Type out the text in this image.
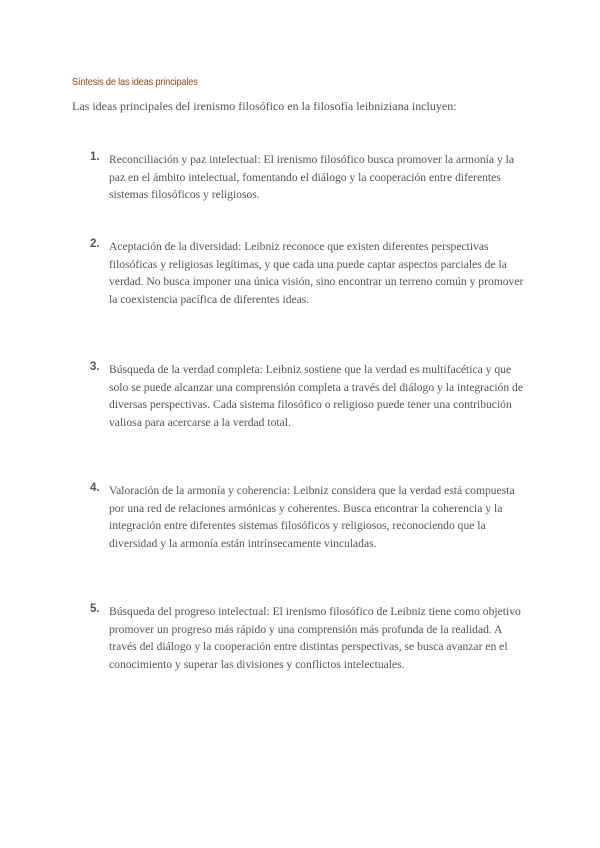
Síntesis de las ideas principales
Las ideas principales del irenismo filosófico en la filosofía leibniziana incluyen:
1. Reconciliación y paz intelectual: El irenismo filosófico busca promover la armonía y la paz en el ámbito intelectual, fomentando el diálogo y la cooperación entre diferentes sistemas filosóficos y religiosos.
2. Aceptación de la diversidad: Leibniz reconoce que existen diferentes perspectivas filosóficas y religiosas legítimas, y que cada una puede captar aspectos parciales de la verdad. No busca imponer una única visión, sino encontrar un terreno común y promover la coexistencia pacífica de diferentes ideas.
3. Búsqueda de la verdad completa: Leibniz sostiene que la verdad es multifacética y que solo se puede alcanzar una comprensión completa a través del diálogo y la integración de diversas perspectivas. Cada sistema filosófico o religioso puede tener una contribución valiosa para acercarse a la verdad total.
4. Valoración de la armonía y coherencia: Leibniz considera que la verdad está compuesta por una red de relaciones armónicas y coherentes. Busca encontrar la coherencia y la integración entre diferentes sistemas filosóficos y religiosos, reconociendo que la diversidad y la armonía están intrínsecamente vinculadas.
5. Búsqueda del progreso intelectual: El irenismo filosófico de Leibniz tiene como objetivo promover un progreso más rápido y una comprensión más profunda de la realidad. A través del diálogo y la cooperación entre distintas perspectivas, se busca avanzar en el conocimiento y superar las divisiones y conflictos intelectuales.
